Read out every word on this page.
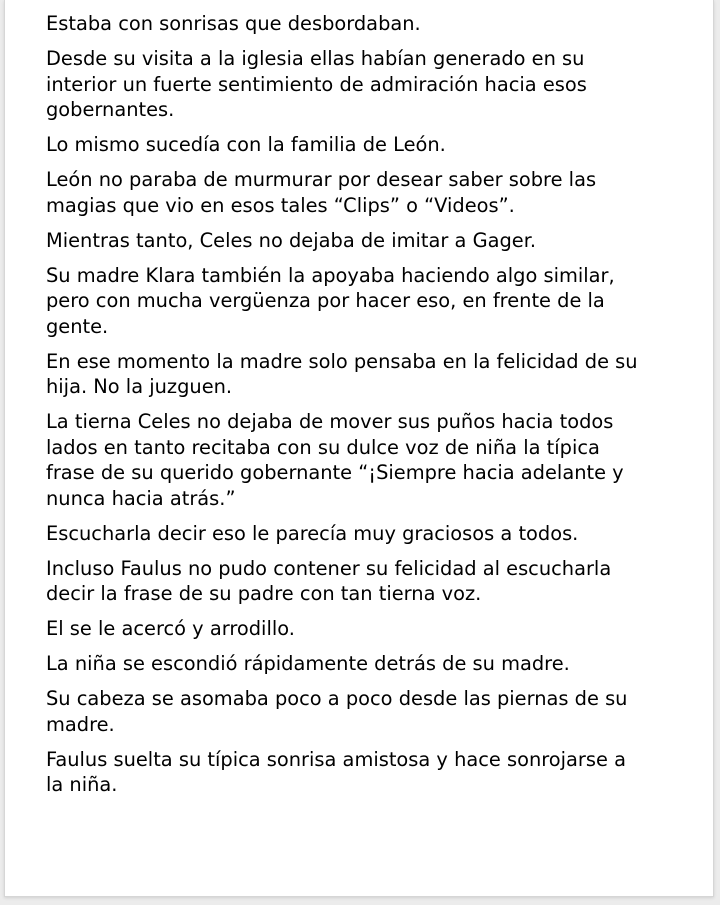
Estaba con sonrisas que desbordaban.

Desde su visita a la iglesia ellas habían generado en su
interior un fuerte sentimiento de admiración hacia esos
gobernantes.

Lo mismo sucedía con la familia de León.

León no paraba de murmurar por desear saber sobre las
magias que vio en esos tales “Clips” o “Videos”.

Mientras tanto, Celes no dejaba de imitar a Gager.

Su madre Klara también la apoyaba haciendo algo similar,
pero con mucha vergüenza por hacer eso, en frente de la
gente.

En ese momento la madre solo pensaba en la felicidad de su
hija. No la juzguen.

La tierna Celes no dejaba de mover sus puños hacia todos
lados en tanto recitaba con su dulce voz de niña la típica
frase de su querido gobernante “¡Siempre hacia adelante y
nunca hacia atrás.”

Escucharla decir eso le parecía muy graciosos a todos.

Incluso Faulus no pudo contener su felicidad al escucharla
decir la frase de su padre con tan tierna voz.

El se le acercó y arrodillo.

La niña se escondió rápidamente detrás de su madre.

Su cabeza se asomaba poco a poco desde las piernas de su
madre.

Faulus suelta su típica sonrisa amistosa y hace sonrojarse a
la niña.
